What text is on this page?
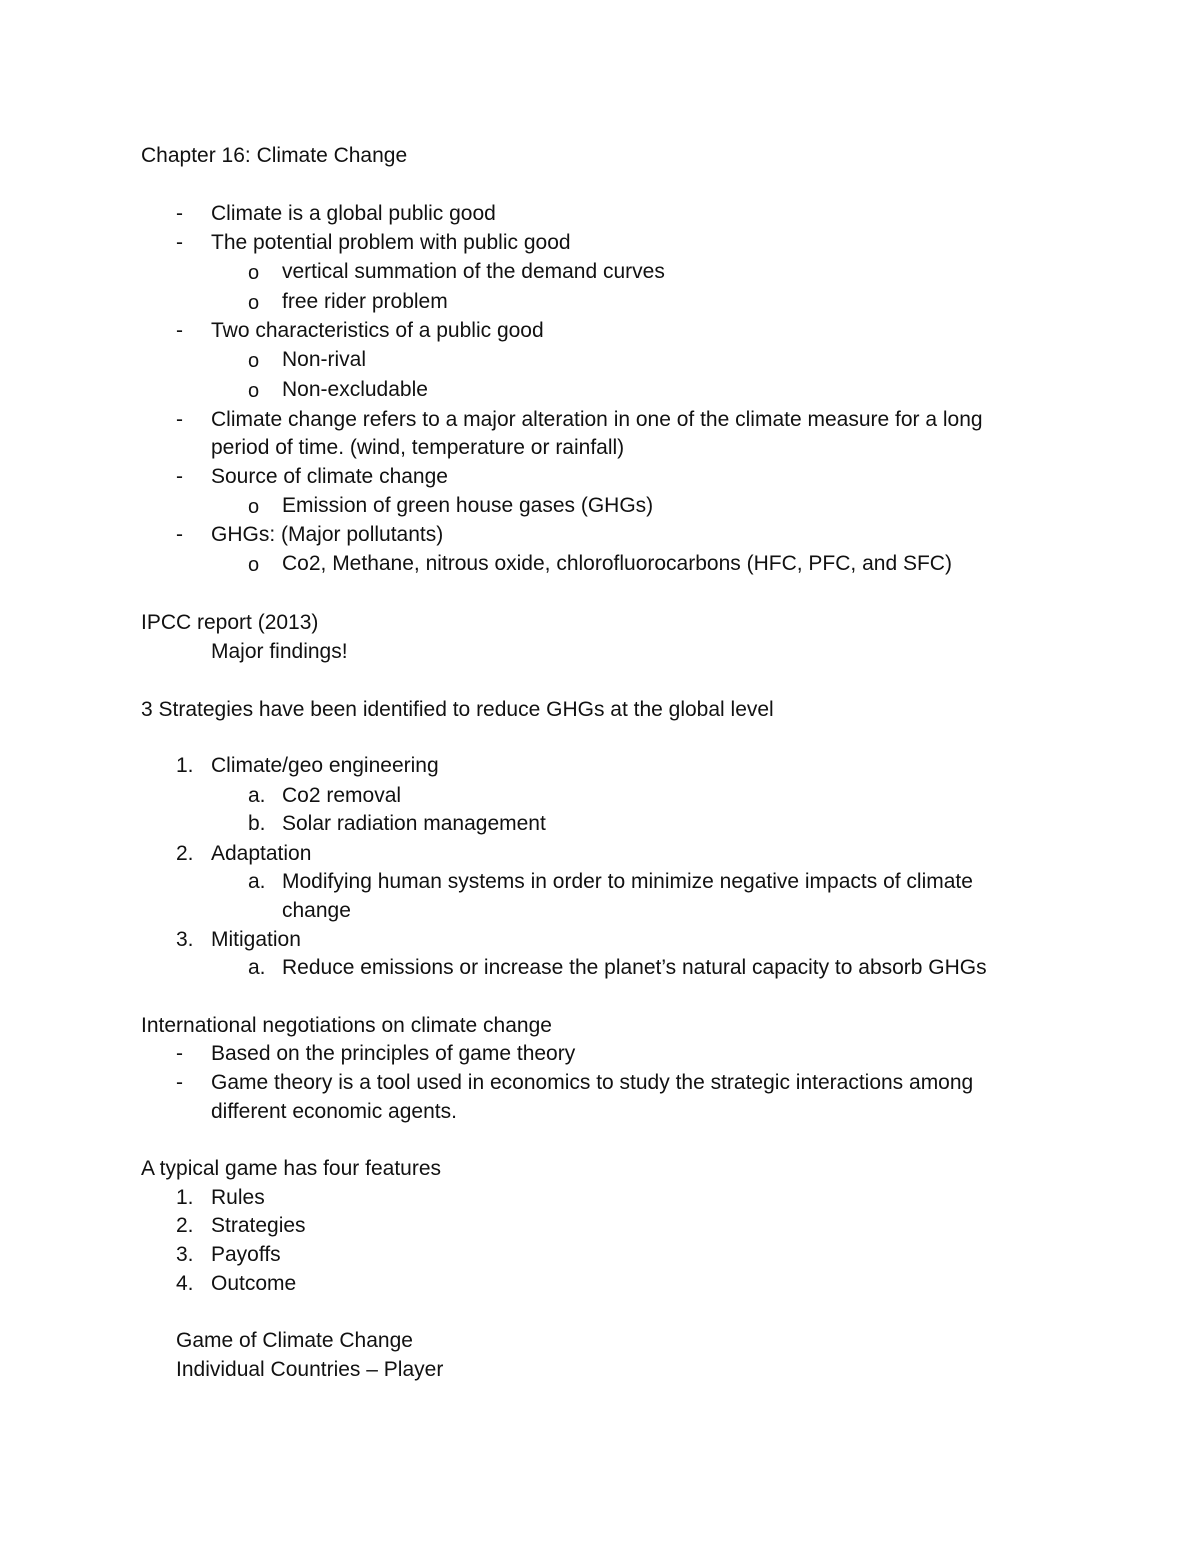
Chapter 16: Climate Change
- Climate is a global public good
- The potential problem with public good
o vertical summation of the demand curves
o free rider problem
- Two characteristics of a public good
o Non-rival
o Non-excludable
- Climate change refers to a major alteration in one of the climate measure for a long
period of time. (wind, temperature or rainfall)
- Source of climate change
o Emission of green house gases (GHGs)
- GHGs: (Major pollutants)
o Co2, Methane, nitrous oxide, chlorofluorocarbons (HFC, PFC, and SFC)
IPCC report (2013)
Major findings!
3 Strategies have been identified to reduce GHGs at the global level
1. Climate/geo engineering
a. Co2 removal
b. Solar radiation management
2. Adaptation
a. Modifying human systems in order to minimize negative impacts of climate
change
3. Mitigation
a. Reduce emissions or increase the planet’s natural capacity to absorb GHGs
International negotiations on climate change
- Based on the principles of game theory
- Game theory is a tool used in economics to study the strategic interactions among
different economic agents.
A typical game has four features
1. Rules
2. Strategies
3. Payoffs
4. Outcome
Game of Climate Change
Individual Countries – Player
